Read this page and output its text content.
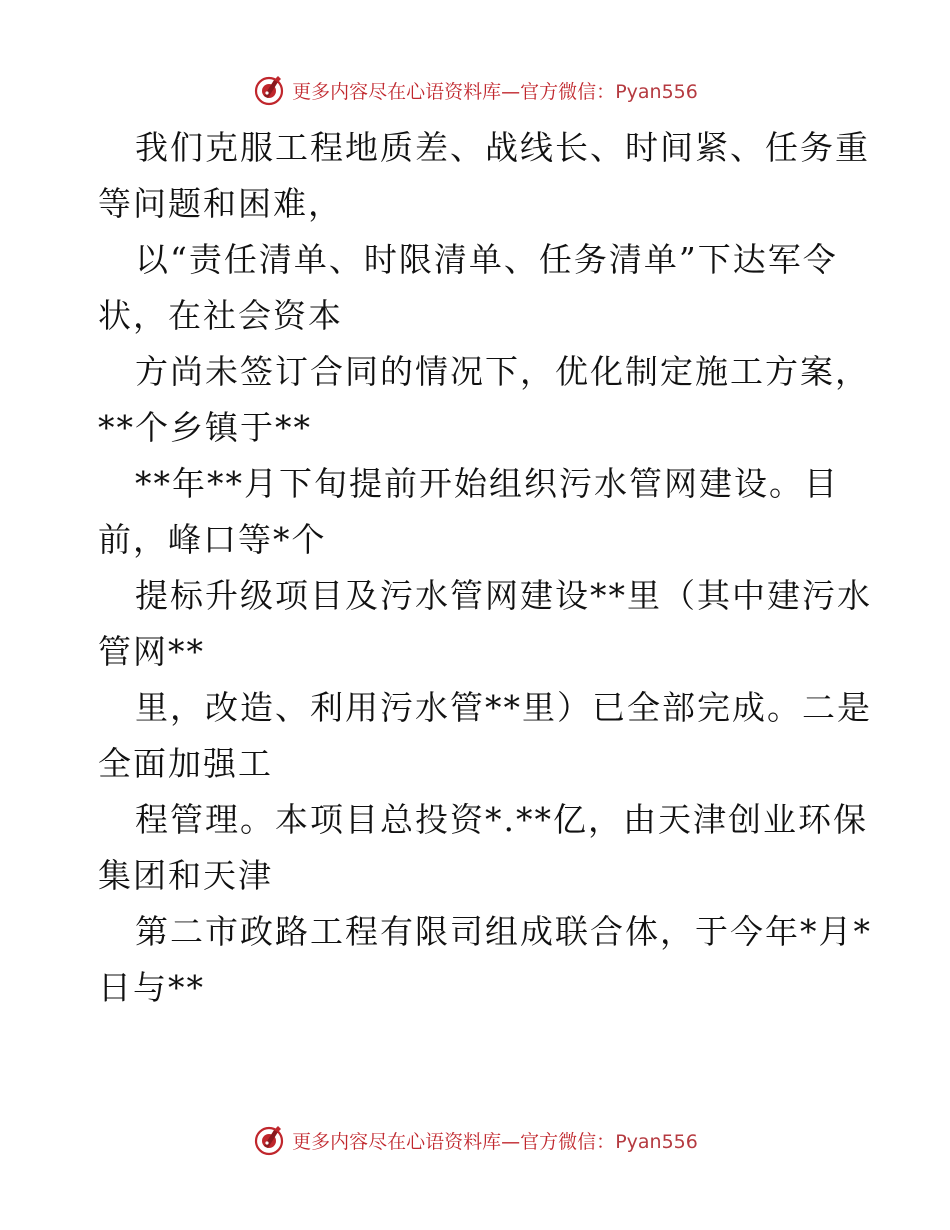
更多内容尽在心语资料库—官方微信：Pyan556
我们克服工程地质差、战线长、时间紧、任务重
等问题和困难，
以“责任清单、时限清单、任务清单”下达军令
状，在社会资本
方尚未签订合同的情况下，优化制定施工方案，
**个乡镇于**
**年**月下旬提前开始组织污水管网建设。目
前，峰口等*个
提标升级项目及污水管网建设**里（其中建污水
管网**
里，改造、利用污水管**里）已全部完成。二是
全面加强工
程管理。本项目总投资*.**亿，由天津创业环保
集团和天津
第二市政路工程有限司组成联合体，于今年*月*
日与**
更多内容尽在心语资料库—官方微信：Pyan556
